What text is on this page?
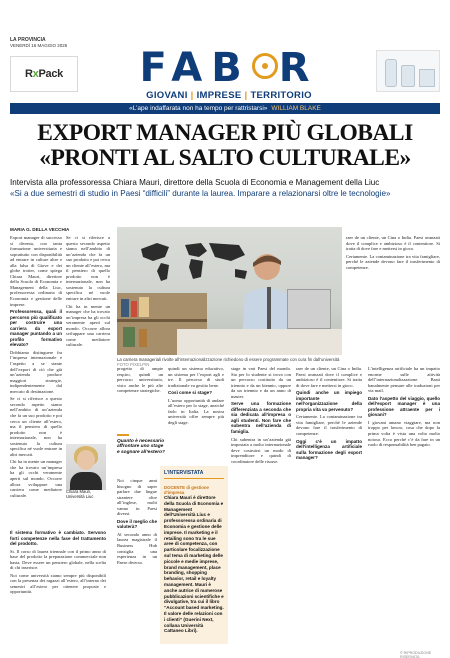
LA PROVINCIA
VENERDÌ 16 MAGGIO 2025
RxPack	FAB R
GIOVANI | IMPRESE | TERRITORIO
«L’ape indaffarata non ha tempo per rattristarsi» WILLIAM BLAKE
EXPORT MANAGER PIÙ GLOBALI
«PRONTI AL SALTO CULTURALE»
Intervista alla professoressa Chiara Mauri, direttore della Scuola di Economia e Management della Liuc
«Si a due semestri di studio in Paesi “difficili” durante la laurea. Imparare a relazionarsi oltre le tecnologie»
MARIA G. DELLA VECCHIA

Export manager di successo si diventa, con tanta formazione universitaria e soprattutto con disponibilità ad entrare in culture altre e alla falsa di Giove e dei globe trotter, come spiega Chiara Mauri, direttore della Scuola di Economia e Management della Liuc, professoressa ordinaria di Economia e gestione delle imprese.

Professoressa, quali il percorso più qualificato per costruire una carriera da export manager puntando a un profilo formativo elevato?

Dobbiamo distinguere fra l’impresa internazionale e l’aspetto a se stante dell’export di ciò che già un’azienda produce maggiori strategie, indipendentemente dal mercato di destinazione.

Se ci si riferisce a questo secondo aspetto siamo nell’ambito di un’azienda che fa un suo prodotto e poi cerca un cliente all’estero, ma il pensiero di quello prodotto non è internazionale, non ha sostenuto la cultura specifica né vuole entrare in altri mercati.

Chi ha in mente un manager che ha trovato un’impresa ha gli occhi veramente aperti sul mondo. Occorre allora sviluppare una carriera come mediatore culturale.

Il sistema formativo è cambiato. Servono forti competenze nella fase del trattamento del prodotto.

Si. Il corso di laurea triennale con il primo anno di base del prodotto la preparazione commerciale non basta. Deve essere un pensiero globale, nella scelta di chi inserisce.

Noi come università siamo sempre più disponibili con la presenza dei ragazzi all’estero, all’interno dei semestri all’estero per ottenere proposte e opportunità.

Se ci si riferisce a questo secondo aspetto siamo nell’ambito di un’azienda che fa un suo prodotto e poi cerca un cliente all’estero, ma il pensiero di quello prodotto non è internazionale, non ha sostenuto la cultura specifica né vuole entrare in altri mercati.

Chi ha in mente un manager che ha trovato un’impresa ha gli occhi veramente aperti sul mondo. Occorre allora sviluppare una carriera come mediatore culturale.

La carriera manageriali rivolte all’internazionalizzazione richiedono di essere programmate con cura fin dall’università FOTO PIXELPIN

progetto di ampie respiro, quindi un percorso universitario, visto anche le più alte competenze strategiche.

Noi cinque anni bisogno di saper parlare due lingue straniere oltre all’inglese, molti vanno in Paesi diversi.

Dove il meglio che valuterà?

Al secondo anno di laurea magistrale il Business Hub consiglia una esperienza in un Paese diverso.

quindi un sistema educativo, un sistema per l’export agli e tre. Il percorso di studi tradizionale va gestito bene.

Così come si stage?

L’uomo opportunità di andare all’estero per lo stage, anziché farlo in Italia. La nostra università offre sempre più degli stage.

Quanto è necessario affrontare uno stage e sognare all’estero?
Chiara Mauri, Università Liuc
L’INTERVISTATA
DOCENTE di gestione d’impresa
Chiara Mauri è direttore della Scuola di Economia e Management dell’Università Liuc e professoressa ordinaria di Economia e gestione delle imprese. Il marketing e il retailing sono tra le sue aree di competenza, con particolare focalizzazione sul tema di marketing delle piccole e medie imprese, brand management, place branding, shopping behavior, retail e loyalty management. Mauri è anche autrice di numerose pubblicazioni scientifiche e divulgative, tra cui il libro “Account based marketing. Il valore delle relazioni con i clienti” (Guerini Next, collana Università Cattaneo Libri).

stage in vari Paesi del mondo. Sia per lo studente si trova con un percorso costituito da un triennio e da un biennio, oppure da un triennio e da un anno di master.

Serve una formazione differenziata a seconda che sia dedicata all’impresa o agli studenti. Non fare che subentra nell’azienda di famiglia.

Chi subentra in un’azienda già impostata a molto internazionale deve costruirsi un modo di imprenditore e quindi di coordinatore delle risorse.

raer de un cliente, un Cina o India. Paesi avanzati dove il complice e ambizioso è il contenitore. Si tratta di dove fare e mettersi in gioco.

Quindi anche un impiego importante nell’organizzazione della propria vita va pervenuto?

Certamente. La contaminazione tra vita famigliare, perché le aziende devono fare il trasferimento di competenze.

Oggi c’è un impatto dell’intelligenza artificiale sulla formazione degli export manager?

L’intelligenza artificiale ha un impatto enorme sulle attività dell’internazionalizzazione. Basti banalmente pensare alle traduzioni per via mail.

Dato l’aspetto del viaggio, quello dell’export manager è una professione attraente per i giovani?

I giovani amano viaggiare, ma non troppo per lavoro, cosa che dopo la prima volta è vista una volta molto noioso. Ecco perché c’è da fare in un ruolo di responsabilità ben pagato.

raer de un cliente, un Cina o India. Paesi avanzati dove il complice e ambizioso è il contenitore. Si tratta di dove fare e mettersi in gioco.

Certamente. La contaminazione tra vita famigliare, perché le aziende devono fare il trasferimento di competenze.

© RIPRODUZIONE RISERVATA
